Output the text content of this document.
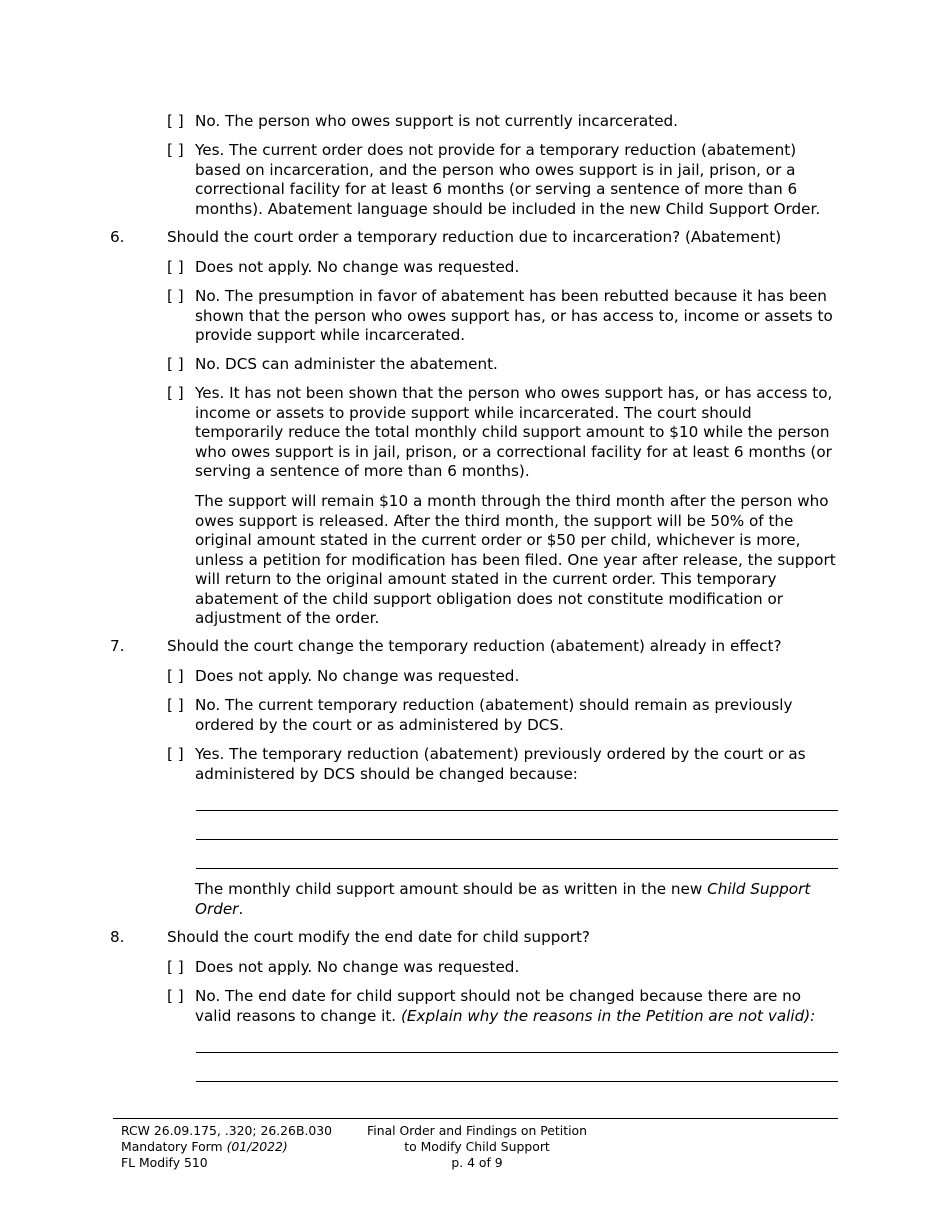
[ ] No. The person who owes support is not currently incarcerated.
[ ] Yes. The current order does not provide for a temporary reduction (abatement) based on incarceration, and the person who owes support is in jail, prison, or a correctional facility for at least 6 months (or serving a sentence of more than 6 months). Abatement language should be included in the new Child Support Order.
6.	Should the court order a temporary reduction due to incarceration? (Abatement)
[ ] Does not apply. No change was requested.
[ ] No. The presumption in favor of abatement has been rebutted because it has been shown that the person who owes support has, or has access to, income or assets to provide support while incarcerated.
[ ] No. DCS can administer the abatement.
[ ] Yes. It has not been shown that the person who owes support has, or has access to, income or assets to provide support while incarcerated. The court should temporarily reduce the total monthly child support amount to $10 while the person who owes support is in jail, prison, or a correctional facility for at least 6 months (or serving a sentence of more than 6 months).
The support will remain $10 a month through the third month after the person who owes support is released. After the third month, the support will be 50% of the original amount stated in the current order or $50 per child, whichever is more, unless a petition for modification has been filed. One year after release, the support will return to the original amount stated in the current order. This temporary abatement of the child support obligation does not constitute modification or adjustment of the order.
7.	Should the court change the temporary reduction (abatement) already in effect?
[ ] Does not apply. No change was requested.
[ ] No. The current temporary reduction (abatement) should remain as previously ordered by the court or as administered by DCS.
[ ] Yes. The temporary reduction (abatement) previously ordered by the court or as administered by DCS should be changed because:
The monthly child support amount should be as written in the new Child Support Order.
8.	Should the court modify the end date for child support?
[ ] Does not apply. No change was requested.
[ ] No. The end date for child support should not be changed because there are no valid reasons to change it. (Explain why the reasons in the Petition are not valid):
RCW 26.09.175, .320; 26.26B.030
Mandatory Form (01/2022)
FL Modify 510
Final Order and Findings on Petition
to Modify Child Support
p. 4 of 9
